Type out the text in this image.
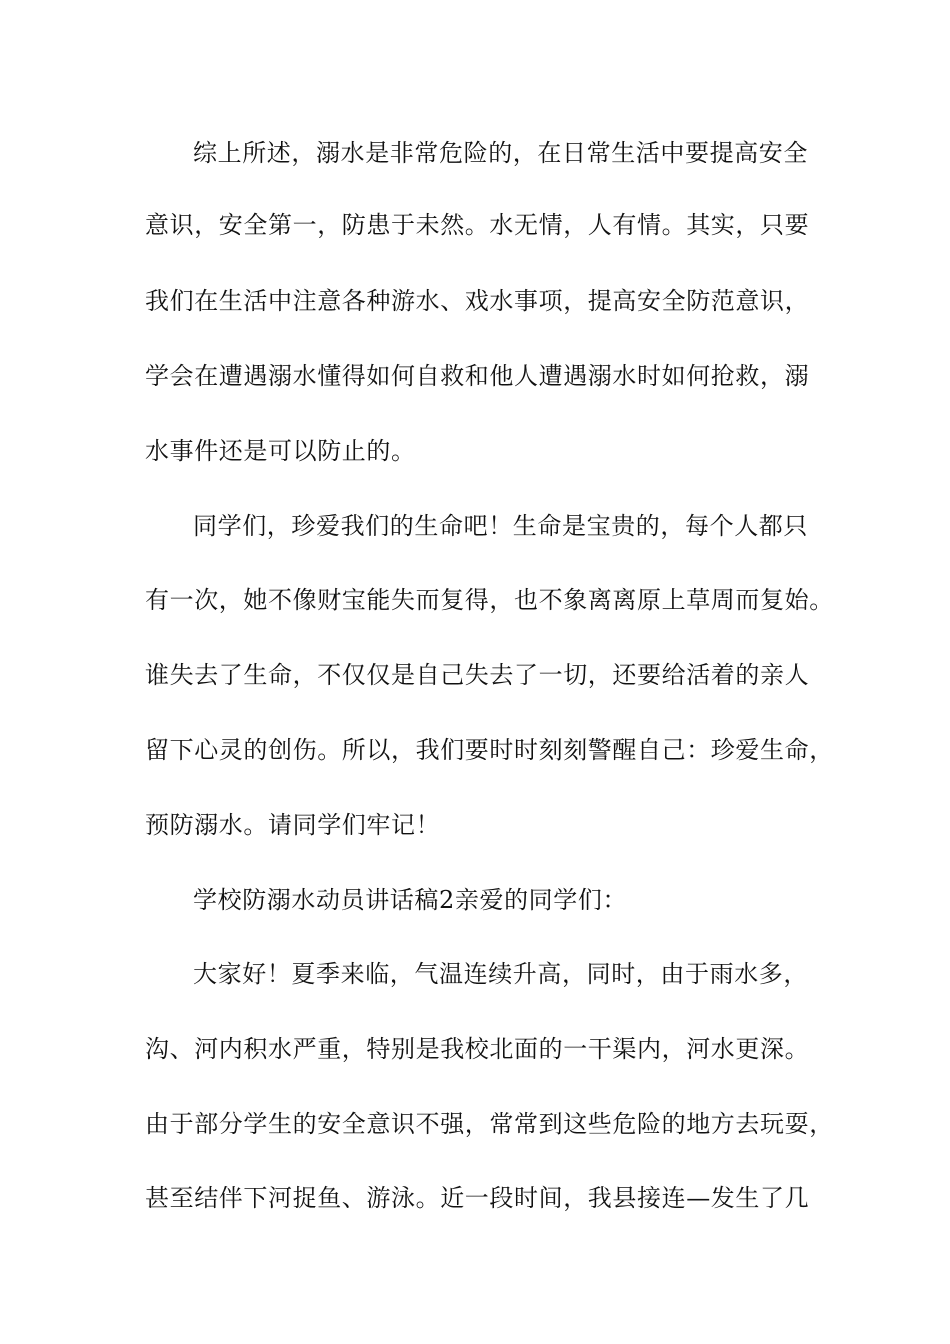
综上所述，溺水是非常危险的，在日常生活中要提高安全
意识，安全第一，防患于未然。水无情，人有情。其实，只要
我们在生活中注意各种游水、戏水事项，提高安全防范意识，
学会在遭遇溺水懂得如何自救和他人遭遇溺水时如何抢救，溺
水事件还是可以防止的。
同学们，珍爱我们的生命吧！生命是宝贵的，每个人都只
有一次，她不像财宝能失而复得，也不象离离原上草周而复始。
谁失去了生命，不仅仅是自己失去了一切，还要给活着的亲人
留下心灵的创伤。所以，我们要时时刻刻警醒自己：珍爱生命，
预防溺水。请同学们牢记！
学校防溺水动员讲话稿2亲爱的同学们：
大家好！夏季来临，气温连续升高，同时，由于雨水多，
沟、河内积水严重，特别是我校北面的一干渠内，河水更深。
由于部分学生的安全意识不强，常常到这些危险的地方去玩耍，
甚至结伴下河捉鱼、游泳。近一段时间，我县接连—发生了几
